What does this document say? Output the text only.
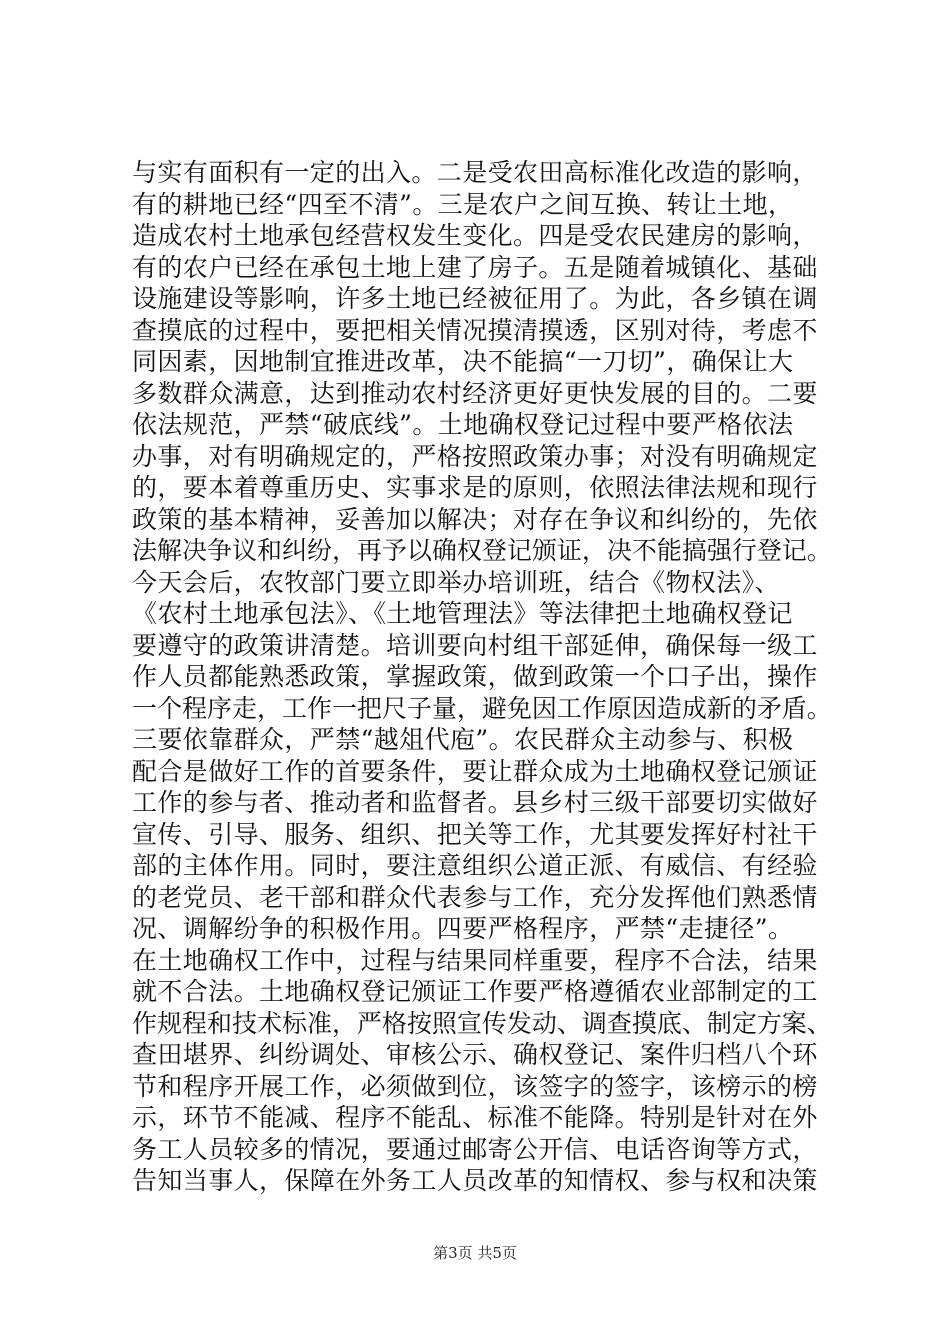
与实有面积有一定的出入。二是受农田高标准化改造的影响，
有的耕地已经“四至不清”。三是农户之间互换、转让土地，
造成农村土地承包经营权发生变化。四是受农民建房的影响，
有的农户已经在承包土地上建了房子。五是随着城镇化、基础
设施建设等影响，许多土地已经被征用了。为此，各乡镇在调
查摸底的过程中，要把相关情况摸清摸透，区别对待，考虑不
同因素，因地制宜推进改革，决不能搞“一刀切”，确保让大
多数群众满意，达到推动农村经济更好更快发展的目的。二要
依法规范，严禁“破底线”。土地确权登记过程中要严格依法
办事，对有明确规定的，严格按照政策办事；对没有明确规定
的，要本着尊重历史、实事求是的原则，依照法律法规和现行
政策的基本精神，妥善加以解决；对存在争议和纠纷的，先依
法解决争议和纠纷，再予以确权登记颁证，决不能搞强行登记。
今天会后，农牧部门要立即举办培训班，结合《物权法》、
《农村土地承包法》、《土地管理法》等法律把土地确权登记
要遵守的政策讲清楚。培训要向村组干部延伸，确保每一级工
作人员都能熟悉政策，掌握政策，做到政策一个口子出，操作
一个程序走，工作一把尺子量，避免因工作原因造成新的矛盾。
三要依靠群众，严禁“越俎代庖”。农民群众主动参与、积极
配合是做好工作的首要条件，要让群众成为土地确权登记颁证
工作的参与者、推动者和监督者。县乡村三级干部要切实做好
宣传、引导、服务、组织、把关等工作，尤其要发挥好村社干
部的主体作用。同时，要注意组织公道正派、有威信、有经验
的老党员、老干部和群众代表参与工作，充分发挥他们熟悉情
况、调解纷争的积极作用。四要严格程序，严禁“走捷径”。
在土地确权工作中，过程与结果同样重要，程序不合法，结果
就不合法。土地确权登记颁证工作要严格遵循农业部制定的工
作规程和技术标准，严格按照宣传发动、调查摸底、制定方案、
查田堪界、纠纷调处、审核公示、确权登记、案件归档八个环
节和程序开展工作，必须做到位，该签字的签字，该榜示的榜
示，环节不能减、程序不能乱、标准不能降。特别是针对在外
务工人员较多的情况，要通过邮寄公开信、电话咨询等方式，
告知当事人，保障在外务工人员改革的知情权、参与权和决策
第3页 共5页
